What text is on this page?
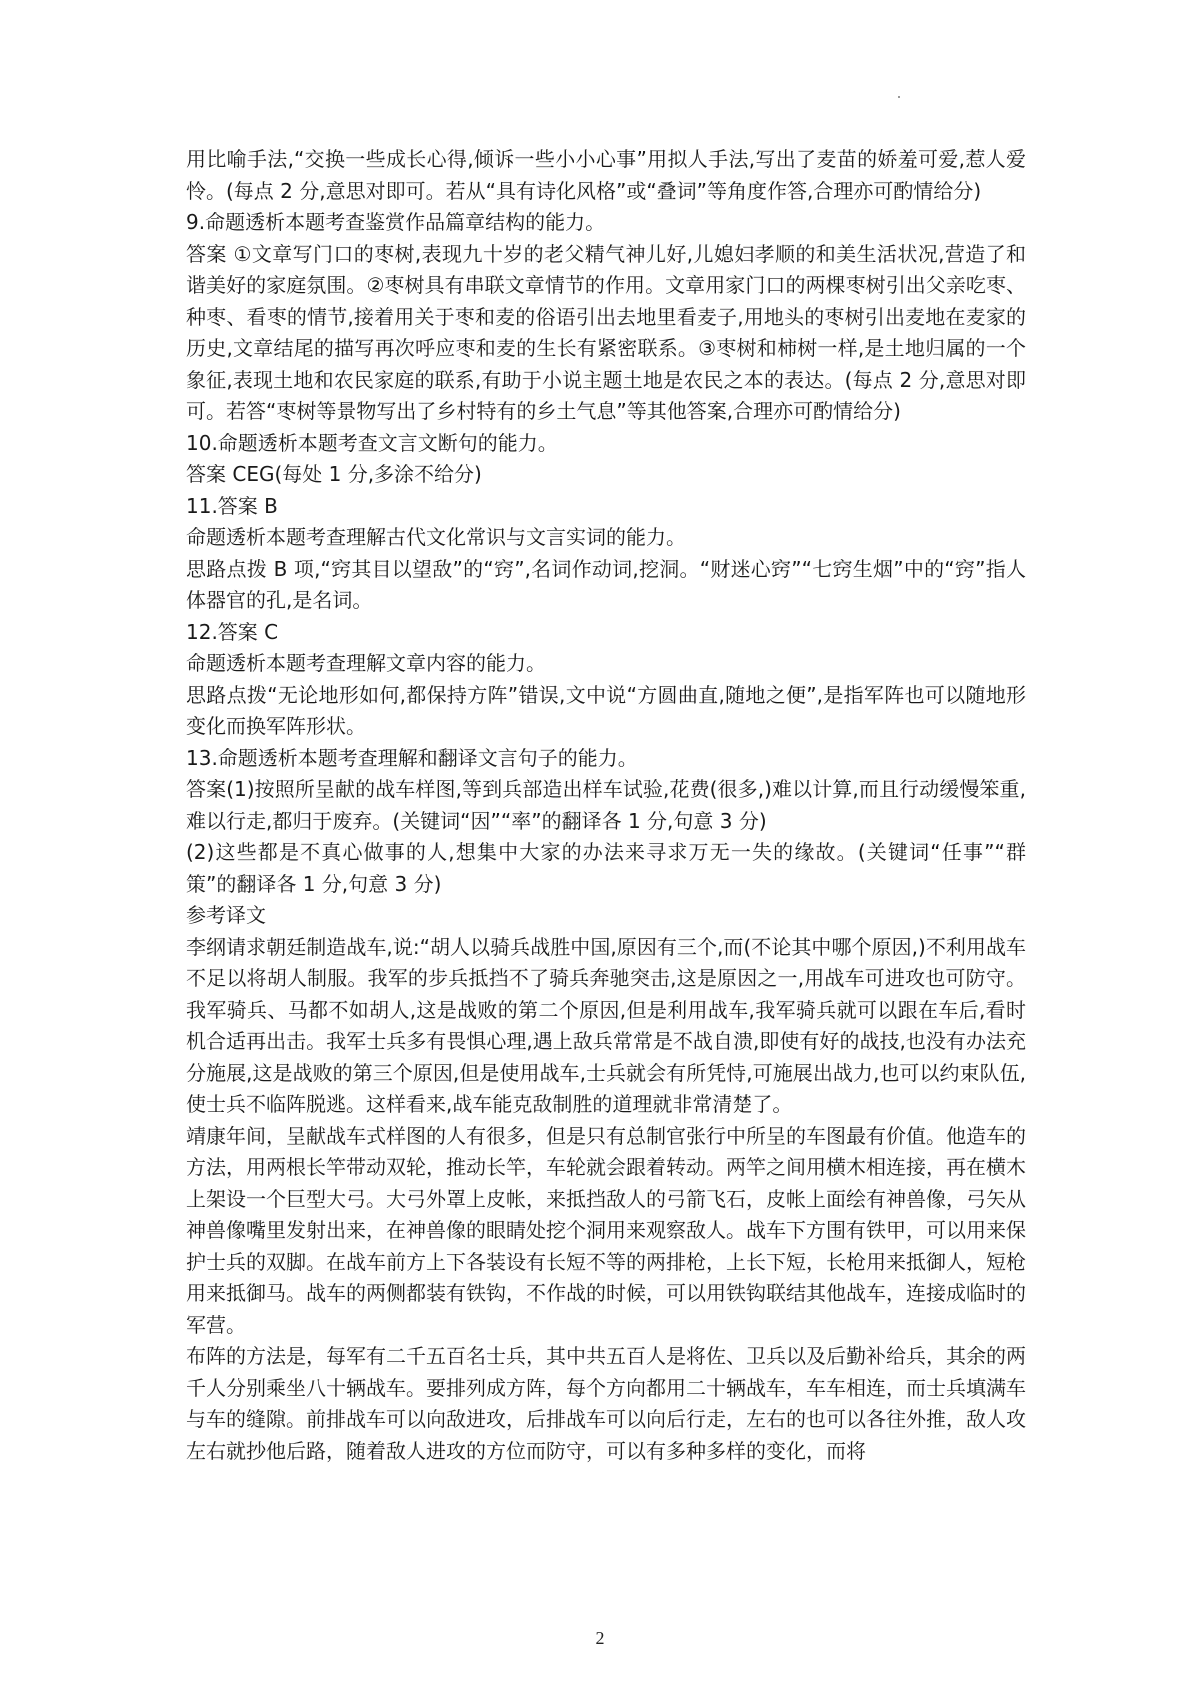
用比喻手法,“交换一些成长心得,倾诉一些小小心事”用拟人手法,写出了麦苗的娇羞可爱,惹人爱怜。(每点 2 分,意思对即可。若从“具有诗化风格”或“叠词”等角度作答,合理亦可酌情给分)

9.命题透析本题考查鉴赏作品篇章结构的能力。

答案 ①文章写门口的枣树,表现九十岁的老父精气神儿好,儿媳妇孝顺的和美生活状况,营造了和谐美好的家庭氛围。②枣树具有串联文章情节的作用。文章用家门口的两棵枣树引出父亲吃枣、种枣、看枣的情节,接着用关于枣和麦的俗语引出去地里看麦子,用地头的枣树引出麦地在麦家的历史,文章结尾的描写再次呼应枣和麦的生长有紧密联系。③枣树和柿树一样,是土地归属的一个象征,表现土地和农民家庭的联系,有助于小说主题土地是农民之本的表达。(每点 2 分,意思对即可。若答“枣树等景物写出了乡村特有的乡土气息”等其他答案,合理亦可酌情给分)

10.命题透析本题考查文言文断句的能力。

答案 CEG(每处 1 分,多涂不给分)

11.答案 B

命题透析本题考查理解古代文化常识与文言实词的能力。

思路点拨 B 项,“窍其目以望敌”的“窍”,名词作动词,挖洞。“财迷心窍”“七窍生烟”中的“窍”指人体器官的孔,是名词。

12.答案 C

命题透析本题考查理解文章内容的能力。

思路点拨“无论地形如何,都保持方阵”错误,文中说“方圆曲直,随地之便”,是指军阵也可以随地形变化而换军阵形状。

13.命题透析本题考查理解和翻译文言句子的能力。

答案(1)按照所呈献的战车样图,等到兵部造出样车试验,花费(很多,)难以计算,而且行动缓慢笨重,难以行走,都归于废弃。(关键词“因”“率”的翻译各 1 分,句意 3 分)

(2)这些都是不真心做事的人,想集中大家的办法来寻求万无一失的缘故。(关键词“任事”“群策”的翻译各 1 分,句意 3 分)

参考译文

李纲请求朝廷制造战车,说:“胡人以骑兵战胜中国,原因有三个,而(不论其中哪个原因,)不利用战车不足以将胡人制服。我军的步兵抵挡不了骑兵奔驰突击,这是原因之一,用战车可进攻也可防守。我军骑兵、马都不如胡人,这是战败的第二个原因,但是利用战车,我军骑兵就可以跟在车后,看时机合适再出击。我军士兵多有畏惧心理,遇上敌兵常常是不战自溃,即使有好的战技,也没有办法充分施展,这是战败的第三个原因,但是使用战车,士兵就会有所凭恃,可施展出战力,也可以约束队伍,使士兵不临阵脱逃。这样看来,战车能克敌制胜的道理就非常清楚了。

靖康年间，呈献战车式样图的人有很多，但是只有总制官张行中所呈的车图最有价值。他造车的方法，用两根长竿带动双轮，推动长竿，车轮就会跟着转动。两竿之间用横木相连接，再在横木上架设一个巨型大弓。大弓外罩上皮帐，来抵挡敌人的弓箭飞石，皮帐上面绘有神兽像，弓矢从神兽像嘴里发射出来，在神兽像的眼睛处挖个洞用来观察敌人。战车下方围有铁甲，可以用来保护士兵的双脚。在战车前方上下各装设有长短不等的两排枪，上长下短，长枪用来抵御人，短枪用来抵御马。战车的两侧都装有铁钩，不作战的时候，可以用铁钩联结其他战车，连接成临时的军营。

布阵的方法是，每军有二千五百名士兵，其中共五百人是将佐、卫兵以及后勤补给兵，其余的两千人分别乘坐八十辆战车。要排列成方阵，每个方向都用二十辆战车，车车相连，而士兵填满车与车的缝隙。前排战车可以向敌进攻，后排战车可以向后行走，左右的也可以各往外推，敌人攻左右就抄他后路，随着敌人进攻的方位而防守，可以有多种多样的变化，而将

2
